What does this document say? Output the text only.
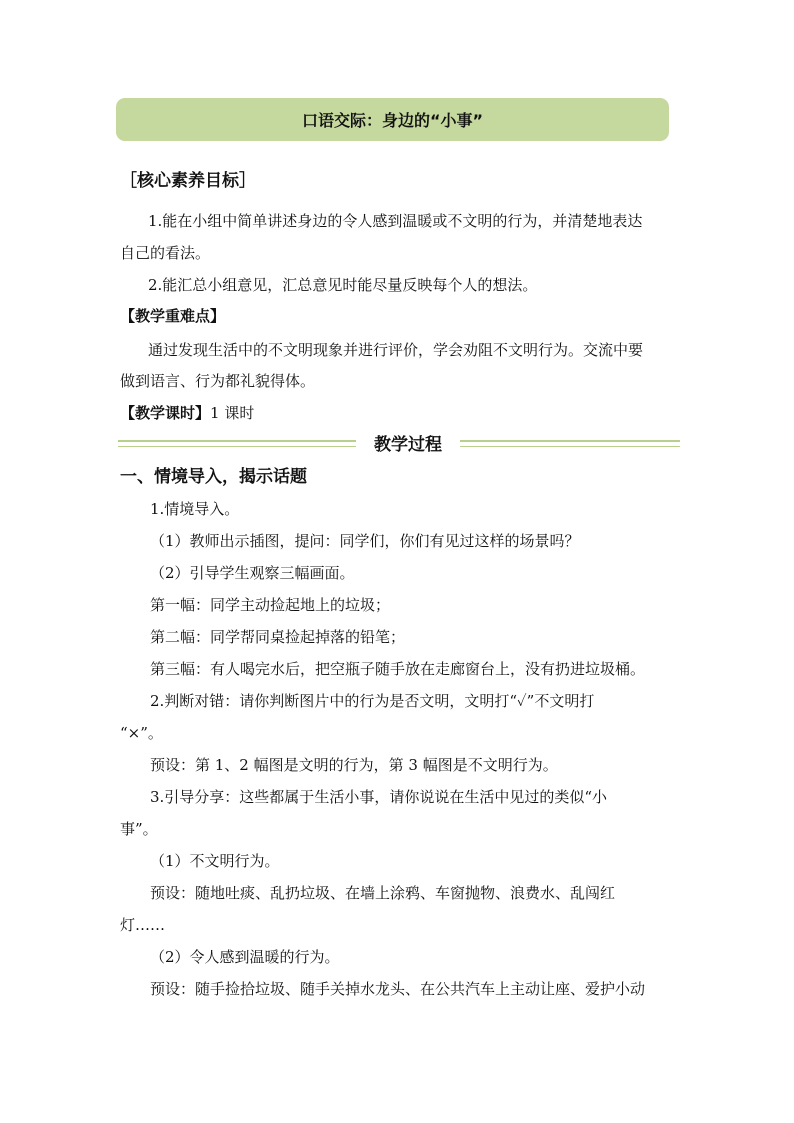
口语交际：身边的“小事”
［核心素养目标］
1.能在小组中简单讲述身边的令人感到温暖或不文明的行为，并清楚地表达
自己的看法。
2.能汇总小组意见，汇总意见时能尽量反映每个人的想法。
【教学重难点】
通过发现生活中的不文明现象并进行评价，学会劝阻不文明行为。交流中要
做到语言、行为都礼貌得体。
【教学课时】1 课时
教学过程
一、情境导入，揭示话题
1.情境导入。
（1）教师出示插图，提问：同学们，你们有见过这样的场景吗？
（2）引导学生观察三幅画面。
第一幅：同学主动捡起地上的垃圾；
第二幅：同学帮同桌捡起掉落的铅笔；
第三幅：有人喝完水后，把空瓶子随手放在走廊窗台上，没有扔进垃圾桶。
2.判断对错：请你判断图片中的行为是否文明，文明打“✓”不文明打
“×”。
预设：第 1、2 幅图是文明的行为，第 3 幅图是不文明行为。
3.引导分享：这些都属于生活小事，请你说说在生活中见过的类似“小
事”。
（1）不文明行为。
预设：随地吐痰、乱扔垃圾、在墙上涂鸦、车窗抛物、浪费水、乱闯红
灯……
（2）令人感到温暖的行为。
预设：随手捡拾垃圾、随手关掉水龙头、在公共汽车上主动让座、爱护小动
